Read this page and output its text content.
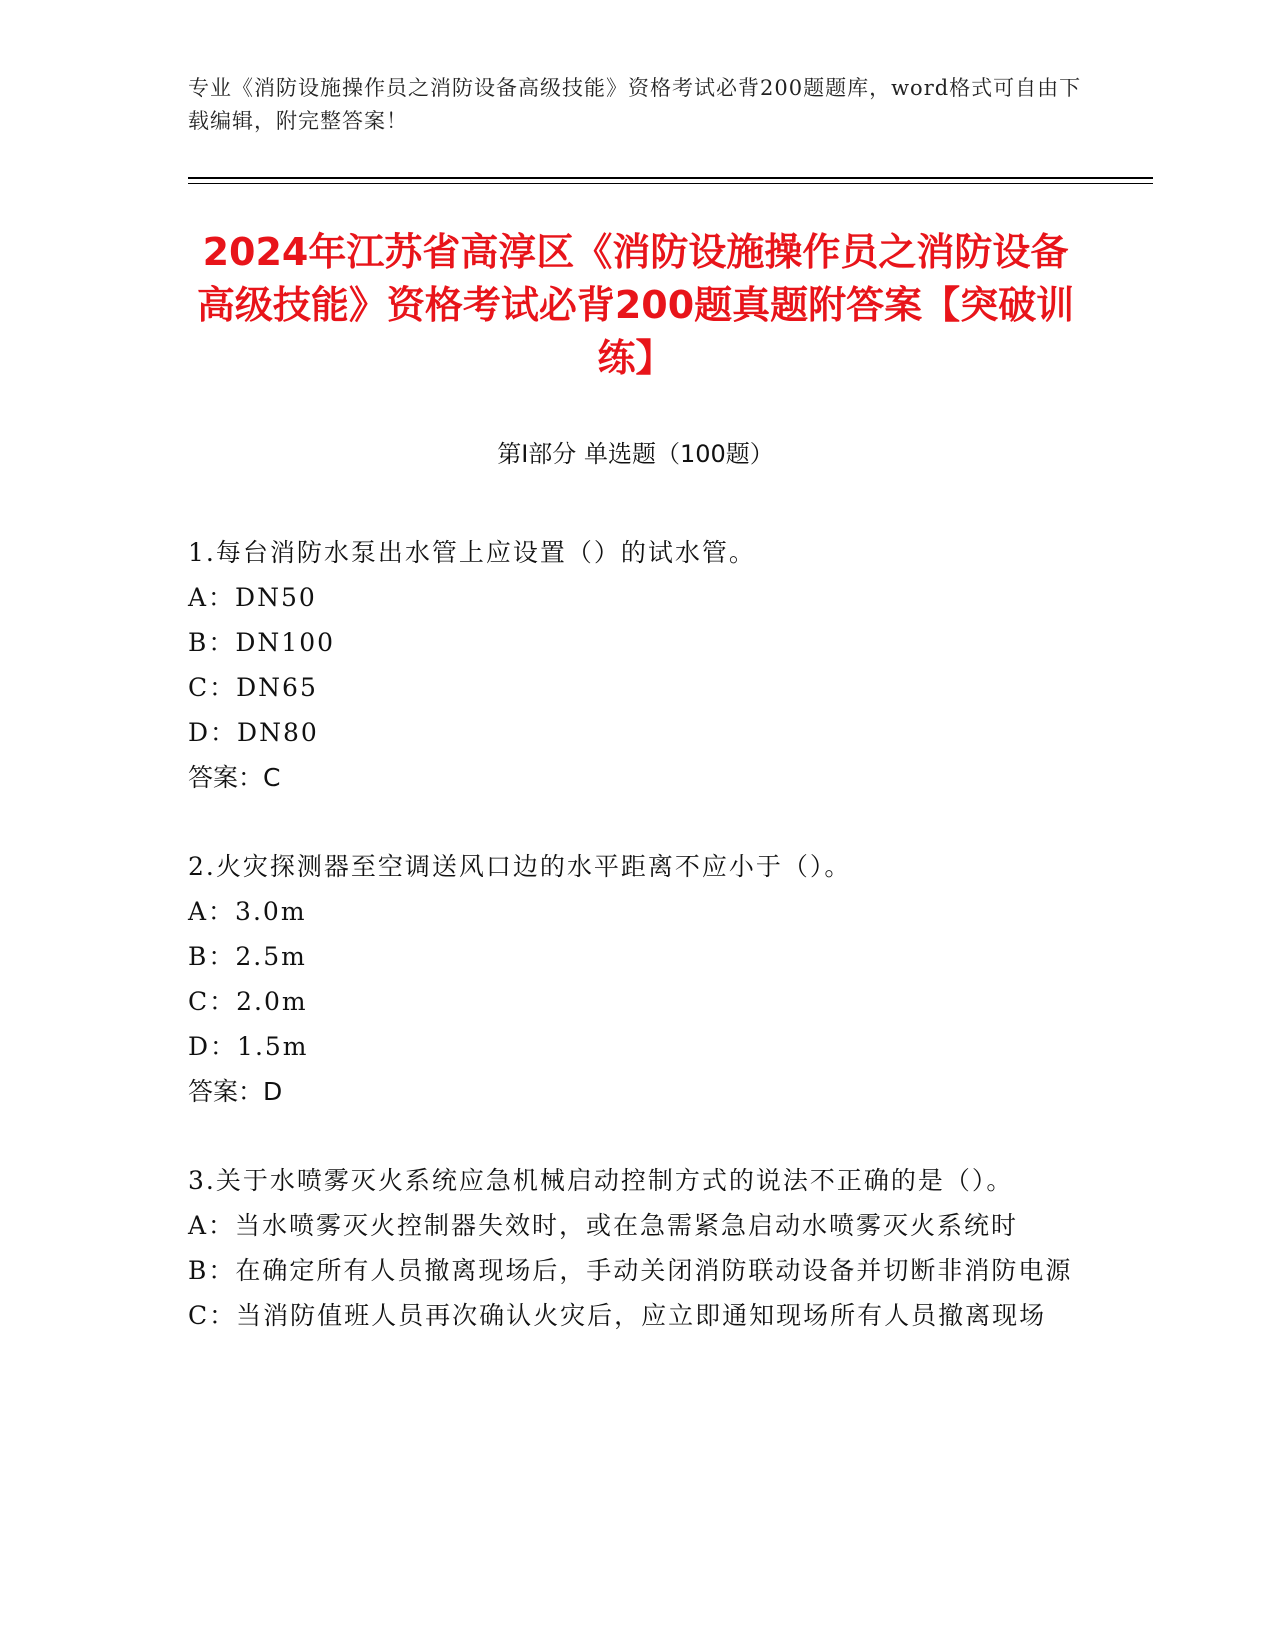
专业《消防设施操作员之消防设备高级技能》资格考试必背200题题库，word格式可自由下载编辑，附完整答案！
2024年江苏省高淳区《消防设施操作员之消防设备高级技能》资格考试必背200题真题附答案【突破训练】
第Ⅰ部分 单选题（100题）
1.每台消防水泵出水管上应设置（）的试水管。
A：DN50
B：DN100
C：DN65
D：DN80
答案：C
2.火灾探测器至空调送风口边的水平距离不应小于（）。
A：3.0m
B：2.5m
C：2.0m
D：1.5m
答案：D
3.关于水喷雾灭火系统应急机械启动控制方式的说法不正确的是（）。
A：当水喷雾灭火控制器失效时，或在急需紧急启动水喷雾灭火系统时
B：在确定所有人员撤离现场后，手动关闭消防联动设备并切断非消防电源
C：当消防值班人员再次确认火灾后，应立即通知现场所有人员撤离现场
